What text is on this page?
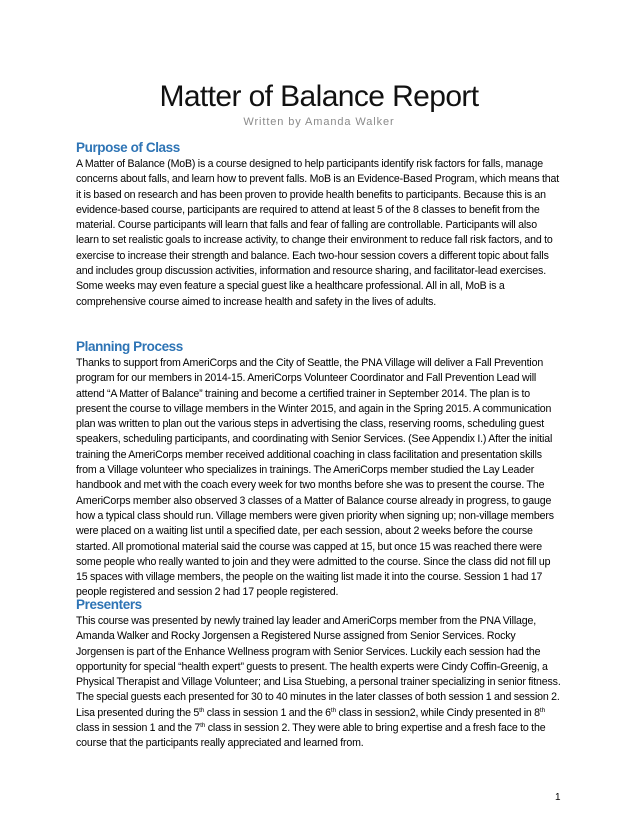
Matter of Balance Report
Written by Amanda Walker

Purpose of Class

A Matter of Balance (MoB) is a course designed to help participants identify risk factors for falls, manage concerns about falls, and learn how to prevent falls. MoB is an Evidence-Based Program, which means that it is based on research and has been proven to provide health benefits to participants. Because this is an evidence-based course, participants are required to attend at least 5 of the 8 classes to benefit from the material. Course participants will learn that falls and fear of falling are controllable. Participants will also learn to set realistic goals to increase activity, to change their environment to reduce fall risk factors, and to exercise to increase their strength and balance. Each two-hour session covers a different topic about falls and includes group discussion activities, information and resource sharing, and facilitator-lead exercises. Some weeks may even feature a special guest like a healthcare professional. All in all, MoB is a comprehensive course aimed to increase health and safety in the lives of adults.

Planning Process

Thanks to support from AmeriCorps and the City of Seattle, the PNA Village will deliver a Fall Prevention program for our members in 2014-15. AmeriCorps Volunteer Coordinator and Fall Prevention Lead will attend “A Matter of Balance” training and become a certified trainer in September 2014. The plan is to present the course to village members in the Winter 2015, and again in the Spring 2015. A communication plan was written to plan out the various steps in advertising the class, reserving rooms, scheduling guest speakers, scheduling participants, and coordinating with Senior Services. (See Appendix I.) After the initial training the AmeriCorps member received additional coaching in class facilitation and presentation skills from a Village volunteer who specializes in trainings. The AmeriCorps member studied the Lay Leader handbook and met with the coach every week for two months before she was to present the course. The AmeriCorps member also observed 3 classes of a Matter of Balance course already in progress, to gauge how a typical class should run. Village members were given priority when signing up; non-village members were placed on a waiting list until a specified date, per each session, about 2 weeks before the course started. All promotional material said the course was capped at 15, but once 15 was reached there were some people who really wanted to join and they were admitted to the course. Since the class did not fill up 15 spaces with village members, the people on the waiting list made it into the course. Session 1 had 17 people registered and session 2 had 17 people registered.

Presenters

This course was presented by newly trained lay leader and AmeriCorps member from the PNA Village, Amanda Walker and Rocky Jorgensen a Registered Nurse assigned from Senior Services. Rocky Jorgensen is part of the Enhance Wellness program with Senior Services. Luckily each session had the opportunity for special “health expert” guests to present. The health experts were Cindy Coffin-Greenig, a Physical Therapist and Village Volunteer; and Lisa Stuebing, a personal trainer specializing in senior fitness. The special guests each presented for 30 to 40 minutes in the later classes of both session 1 and session 2. Lisa presented during the 5th class in session 1 and the 6th class in session2, while Cindy presented in 8th class in session 1 and the 7th class in session 2. They were able to bring expertise and a fresh face to the course that the participants really appreciated and learned from.

1
